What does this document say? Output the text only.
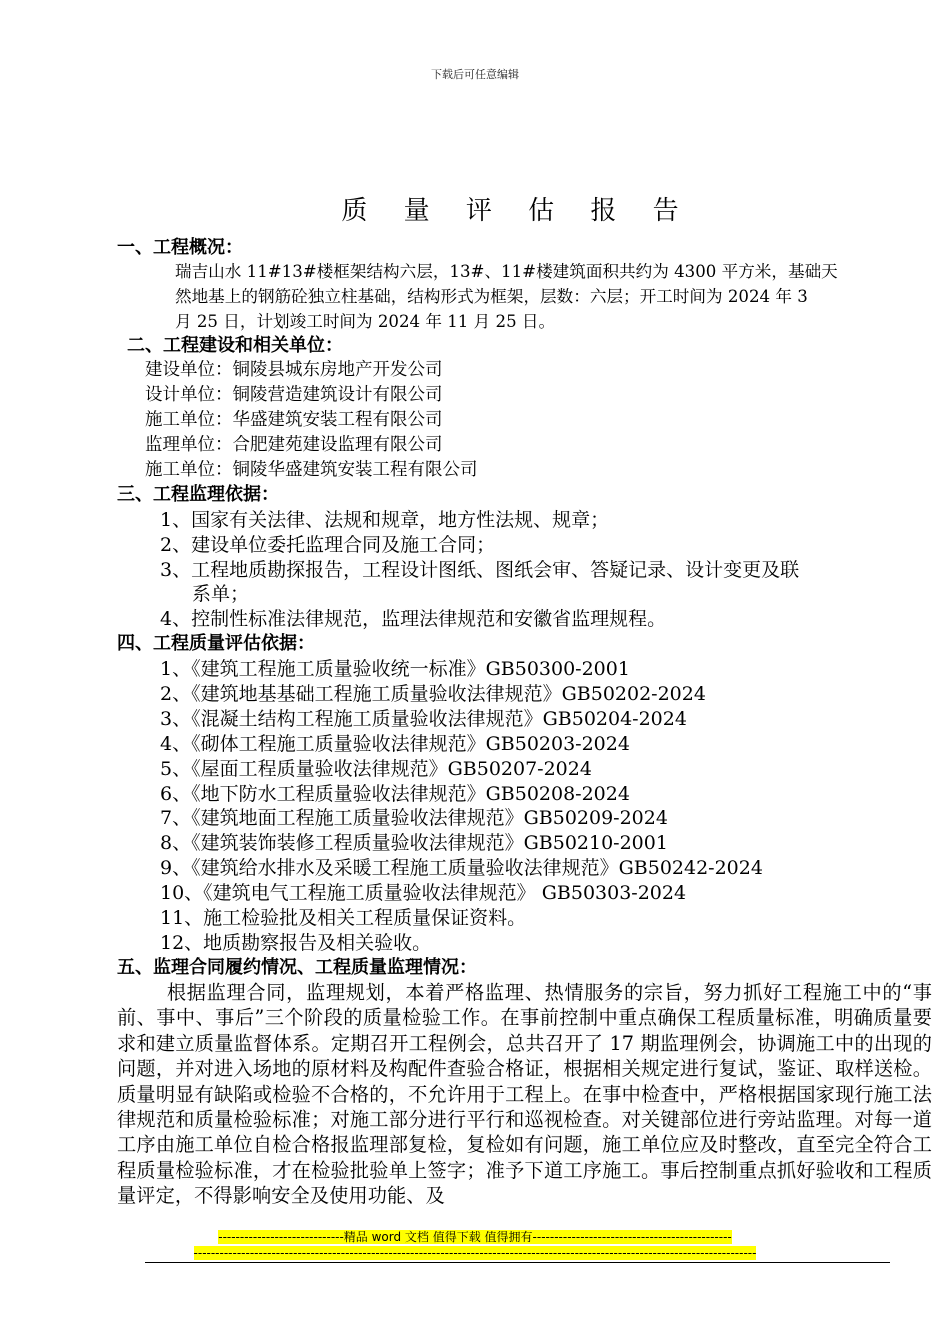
下载后可任意编辑
质 量 评 估 报 告
一、工程概况：
瑞吉山水 11#13#楼框架结构六层，13#、11#楼建筑面积共约为 4300 平方米，基础天
然地基上的钢筋砼独立柱基础，结构形式为框架，层数：六层；开工时间为 2024 年 3
月 25 日，计划竣工时间为 2024 年 11 月 25 日。
二、工程建设和相关单位：
建设单位：铜陵县城东房地产开发公司
设计单位：铜陵营造建筑设计有限公司
施工单位：华盛建筑安装工程有限公司
监理单位：合肥建苑建设监理有限公司
施工单位：铜陵华盛建筑安装工程有限公司
三、工程监理依据：
1、国家有关法律、法规和规章，地方性法规、规章；
2、建设单位委托监理合同及施工合同；
3、工程地质勘探报告，工程设计图纸、图纸会审、答疑记录、设计变更及联
系单；
4、控制性标准法律规范，监理法律规范和安徽省监理规程。
四、工程质量评估依据：
1、《建筑工程施工质量验收统一标准》GB50300-2001
2、《建筑地基基础工程施工质量验收法律规范》GB50202-2024
3、《混凝土结构工程施工质量验收法律规范》GB50204-2024
4、《砌体工程施工质量验收法律规范》GB50203-2024
5、《屋面工程质量验收法律规范》GB50207-2024
6、《地下防水工程质量验收法律规范》GB50208-2024
7、《建筑地面工程施工质量验收法律规范》GB50209-2024
8、《建筑装饰装修工程质量验收法律规范》GB50210-2001
9、《建筑给水排水及采暖工程施工质量验收法律规范》GB50242-2024
10、《建筑电气工程施工质量验收法律规范》 GB50303-2024
11、施工检验批及相关工程质量保证资料。
12、地质勘察报告及相关验收。
五、监理合同履约情况、工程质量监理情况：
根据监理合同，监理规划，本着严格监理、热情服务的宗旨，努力抓好工程施工中的“事前、事中、事后”三个阶段的质量检验工作。在事前控制中重点确保工程质量标准，明确质量要求和建立质量监督体系。定期召开工程例会，总共召开了 17 期监理例会，协调施工中的出现的问题，并对进入场地的原材料及构配件查验合格证，根据相关规定进行复试，鉴证、取样送检。质量明显有缺陷或检验不合格的，不允许用于工程上。在事中检查中，严格根据国家现行施工法律规范和质量检验标准；对施工部分进行平行和巡视检查。对关键部位进行旁站监理。对每一道工序由施工单位自检合格报监理部复检，复检如有问题，施工单位应及时整改，直至完全符合工程质量检验标准，才在检验批验单上签字；准予下道工序施工。事后控制重点抓好验收和工程质量评定，不得影响安全及使用功能、及
-----------------------------精品 word 文档 值得下载 值得拥有----------------------------------------------
----------------------------------------------------------------------------------------------------------------------------------
